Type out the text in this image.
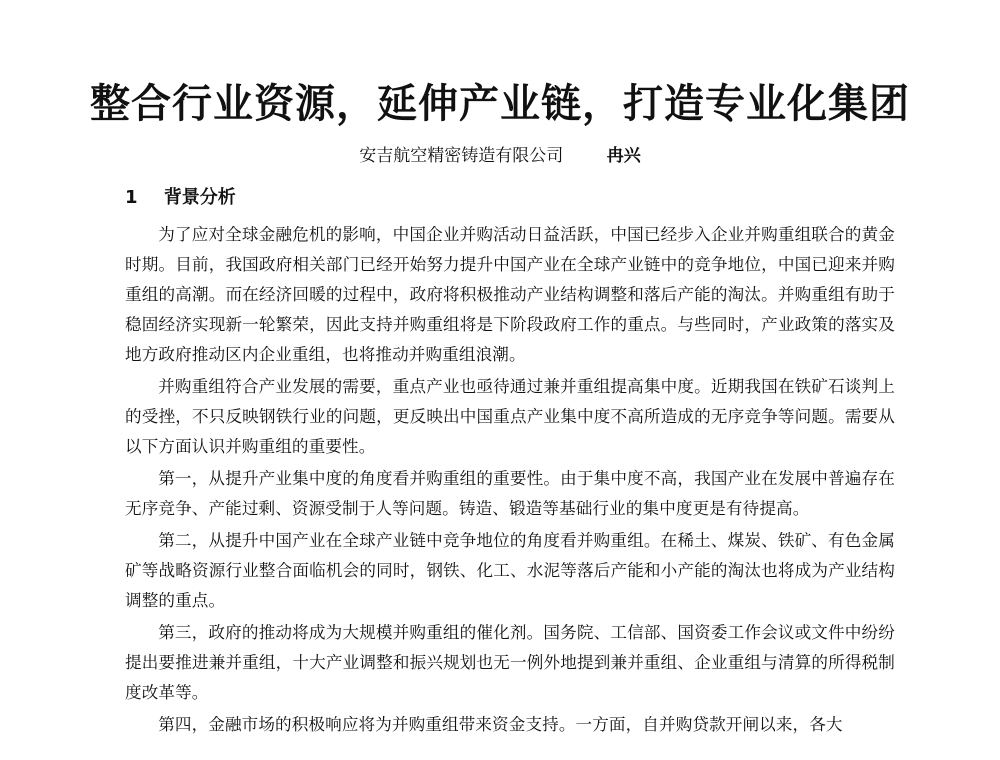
整合行业资源，延伸产业链，打造专业化集团
安吉航空精密铸造有限公司	冉兴
1 背景分析

为了应对全球金融危机的影响，中国企业并购活动日益活跃，中国已经步入企业并购重组联合的黄金时期。目前，我国政府相关部门已经开始努力提升中国产业在全球产业链中的竞争地位，中国已迎来并购重组的高潮。而在经济回暖的过程中，政府将积极推动产业结构调整和落后产能的淘汰。并购重组有助于稳固经济实现新一轮繁荣，因此支持并购重组将是下阶段政府工作的重点。与些同时，产业政策的落实及地方政府推动区内企业重组，也将推动并购重组浪潮。

并购重组符合产业发展的需要，重点产业也亟待通过兼并重组提高集中度。近期我国在铁矿石谈判上的受挫，不只反映钢铁行业的问题，更反映出中国重点产业集中度不高所造成的无序竞争等问题。需要从以下方面认识并购重组的重要性。

第一，从提升产业集中度的角度看并购重组的重要性。由于集中度不高，我国产业在发展中普遍存在无序竞争、产能过剩、资源受制于人等问题。铸造、锻造等基础行业的集中度更是有待提高。

第二，从提升中国产业在全球产业链中竞争地位的角度看并购重组。在稀土、煤炭、铁矿、有色金属矿等战略资源行业整合面临机会的同时，钢铁、化工、水泥等落后产能和小产能的淘汰也将成为产业结构调整的重点。

第三，政府的推动将成为大规模并购重组的催化剂。国务院、工信部、国资委工作会议或文件中纷纷提出要推进兼并重组，十大产业调整和振兴规划也无一例外地提到兼并重组、企业重组与清算的所得税制度改革等。

第四，金融市场的积极响应将为并购重组带来资金支持。一方面，自并购贷款开闸以来，各大
